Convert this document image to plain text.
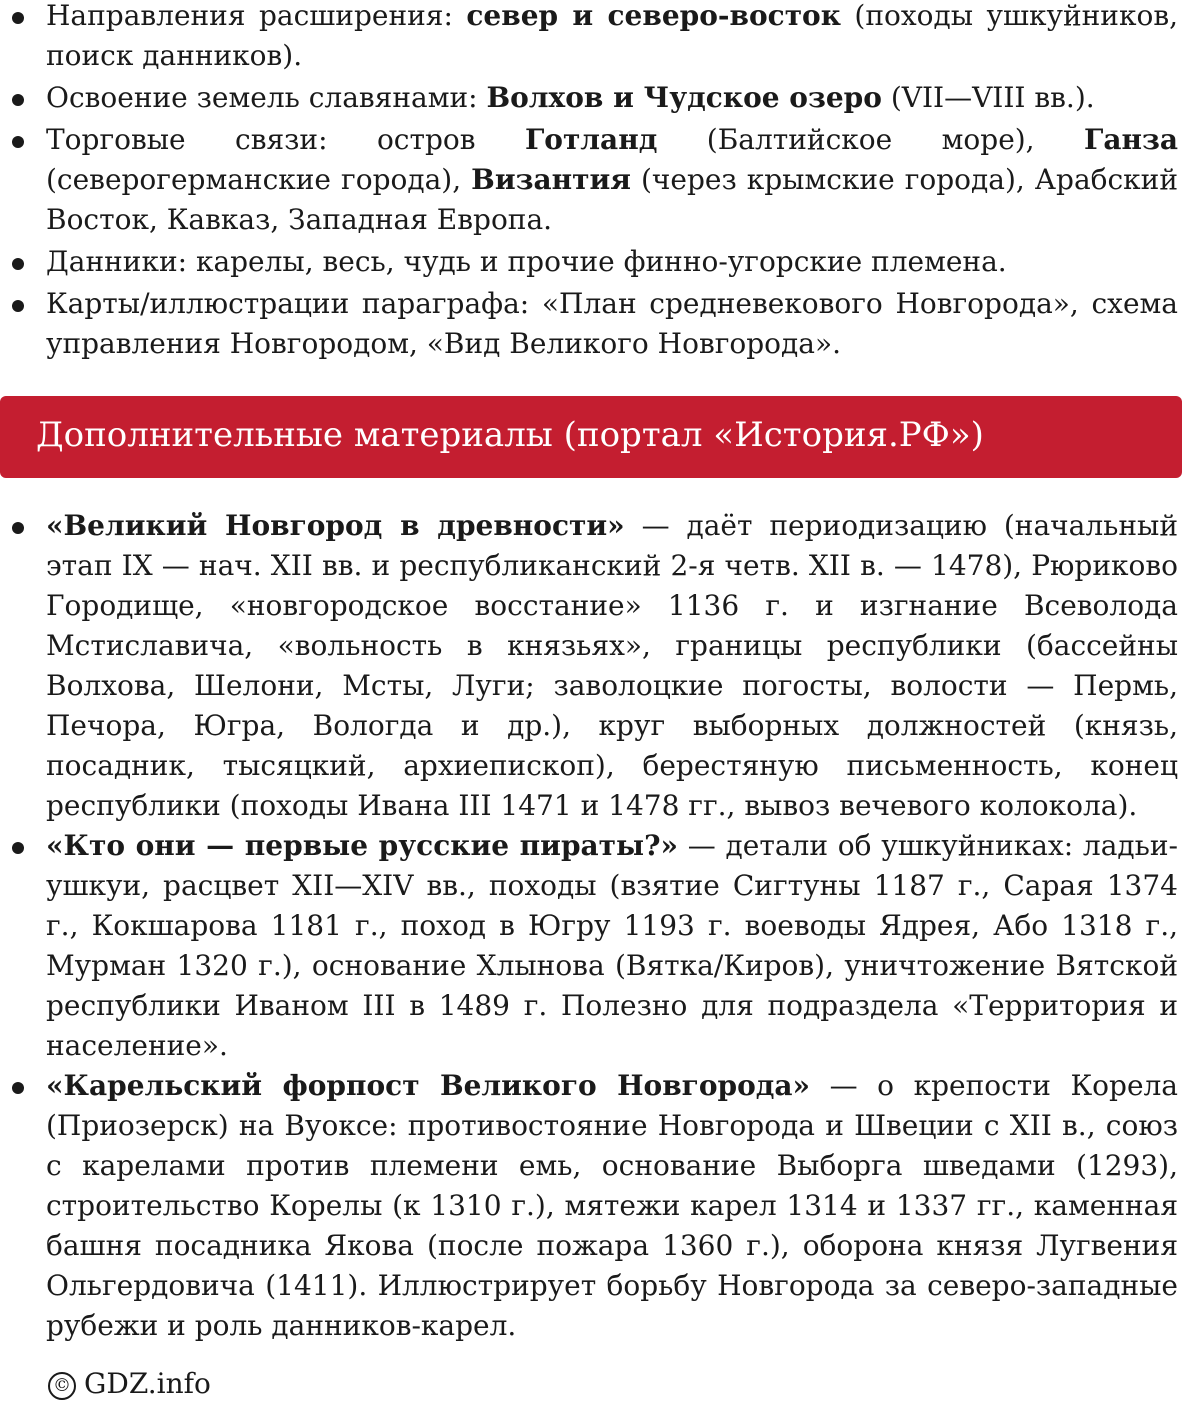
Направления расширения: север и северо-восток (походы ушкуйников, поиск данников).
Освоение земель славянами: Волхов и Чудское озеро (VII—VIII вв.).
Торговые связи: остров Готланд (Балтийское море), Ганза (северогерманские города), Византия (через крымские города), Арабский Восток, Кавказ, Западная Европа.
Данники: карелы, весь, чудь и прочие финно-угорские племена.
Карты/иллюстрации параграфа: «План средневекового Новгорода», схема управления Новгородом, «Вид Великого Новгорода».
Дополнительные материалы (портал «История.РФ»)
«Великий Новгород в древности» — даёт периодизацию (начальный этап IX — нач. XII вв. и республиканский 2-я четв. XII в. — 1478), Рюриково Городище, «новгородское восстание» 1136 г. и изгнание Всеволода Мстиславича, «вольность в князьях», границы республики (бассейны Волхова, Шелони, Мсты, Луги; заволоцкие погосты, волости — Пермь, Печора, Югра, Вологда и др.), круг выборных должностей (князь, посадник, тысяцкий, архиепископ), берестяную письменность, конец республики (походы Ивана III 1471 и 1478 гг., вывоз вечевого колокола).
«Кто они — первые русские пираты?» — детали об ушкуйниках: ладьи-ушкуи, расцвет XII—XIV вв., походы (взятие Сигтуны 1187 г., Сарая 1374 г., Кокшарова 1181 г., поход в Югру 1193 г. воеводы Ядрея, Або 1318 г., Мурман 1320 г.), основание Хлынова (Вятка/Киров), уничтожение Вятской республики Иваном III в 1489 г. Полезно для подраздела «Территория и население».
«Карельский форпост Великого Новгорода» — о крепости Корела (Приозерск) на Вуоксе: противостояние Новгорода и Швеции с XII в., союз с карелами против племени емь, основание Выборга шведами (1293), строительство Корелы (к 1310 г.), мятежи карел 1314 и 1337 гг., каменная башня посадника Якова (после пожара 1360 г.), оборона князя Лугвения Ольгердовича (1411). Иллюстрирует борьбу Новгорода за северо-западные рубежи и роль данников-карел.
© GDZ.info
